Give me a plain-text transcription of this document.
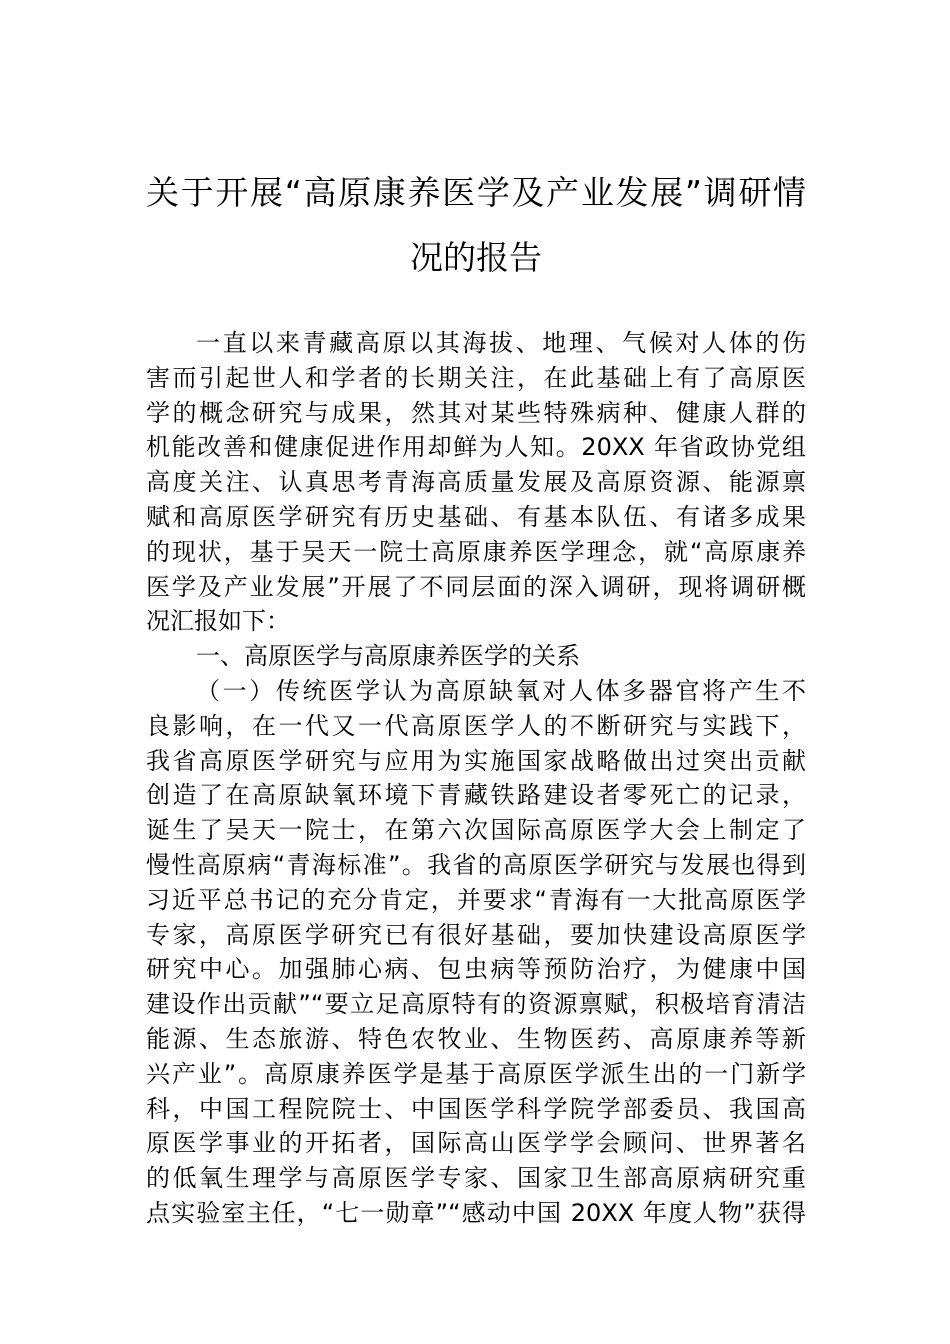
关于开展“高原康养医学及产业发展”调研情
况的报告
一直以来青藏高原以其海拔、地理、气候对人体的伤
害而引起世人和学者的长期关注，在此基础上有了高原医
学的概念研究与成果，然其对某些特殊病种、健康人群的
机能改善和健康促进作用却鲜为人知。20XX 年省政协党组
高度关注、认真思考青海高质量发展及高原资源、能源禀
赋和高原医学研究有历史基础、有基本队伍、有诸多成果
的现状，基于吴天一院士高原康养医学理念，就“高原康养
医学及产业发展”开展了不同层面的深入调研，现将调研概
况汇报如下：
一、高原医学与高原康养医学的关系
（一）传统医学认为高原缺氧对人体多器官将产生不
良影响，在一代又一代高原医学人的不断研究与实践下，
我省高原医学研究与应用为实施国家战略做出过突出贡献
创造了在高原缺氧环境下青藏铁路建设者零死亡的记录，
诞生了吴天一院士，在第六次国际高原医学大会上制定了
慢性高原病“青海标准”。我省的高原医学研究与发展也得到
习近平总书记的充分肯定，并要求“青海有一大批高原医学
专家，高原医学研究已有很好基础，要加快建设高原医学
研究中心。加强肺心病、包虫病等预防治疗，为健康中国
建设作出贡献”“要立足高原特有的资源禀赋，积极培育清洁
能源、生态旅游、特色农牧业、生物医药、高原康养等新
兴产业”。高原康养医学是基于高原医学派生出的一门新学
科，中国工程院院士、中国医学科学院学部委员、我国高
原医学事业的开拓者，国际高山医学学会顾问、世界著名
的低氧生理学与高原医学专家、国家卫生部高原病研究重
点实验室主任，“七一勋章”“感动中国 20XX 年度人物”获得
